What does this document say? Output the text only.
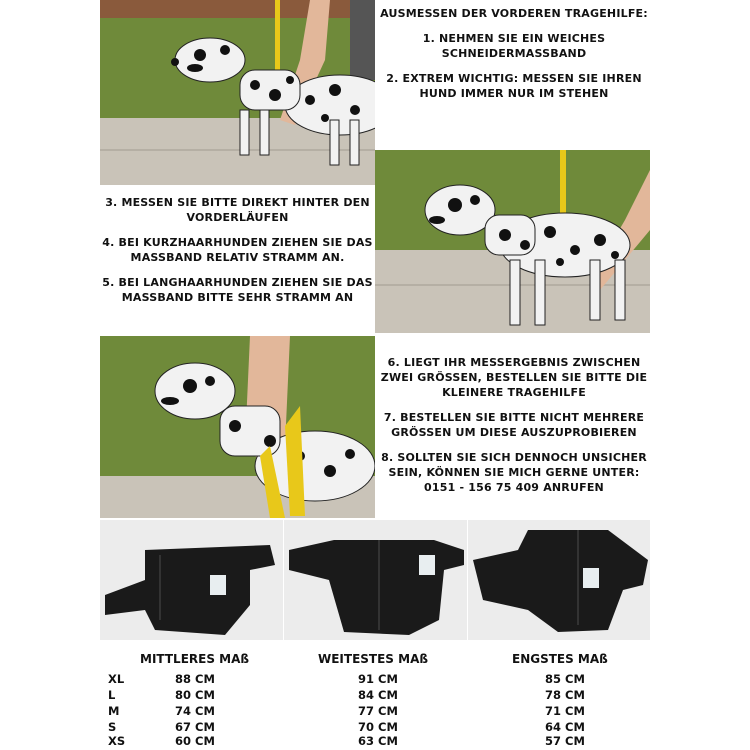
AUSMESSEN DER VORDEREN TRAGEHILFE:

1. NEHMEN SIE EIN WEICHES SCHNEIDERMASSBAND

2. EXTREM WICHTIG: MESSEN SIE IHREN HUND IMMER NUR IM STEHEN

3. MESSEN SIE BITTE DIREKT HINTER DEN VORDERLÄUFEN

4. BEI KURZHAARHUNDEN ZIEHEN SIE DAS MASSBAND RELATIV STRAMM AN.

5. BEI LANGHAARHUNDEN ZIEHEN SIE DAS MASSBAND BITTE SEHR STRAMM AN

6. LIEGT IHR MESSERGEBNIS ZWISCHEN ZWEI GRÖSSEN, BESTELLEN SIE BITTE DIE KLEINERE TRAGEHILFE

7. BESTELLEN SIE BITTE NICHT MEHRERE GRÖSSEN UM DIESE AUSZUPROBIEREN

8. SOLLTEN SIE SICH DENNOCH UNSICHER SEIN, KÖNNEN SIE MICH GERNE UNTER: 0151 - 156 75 409 ANRUFEN

MITTLERES MAß	WEITESTES MAß	ENGSTES MAß
XL	88 CM	91 CM	85 CM
L	80 CM	84 CM	78 CM
M	74 CM	77 CM	71 CM
S	67 CM	70 CM	64 CM
XS	60 CM	63 CM	57 CM
